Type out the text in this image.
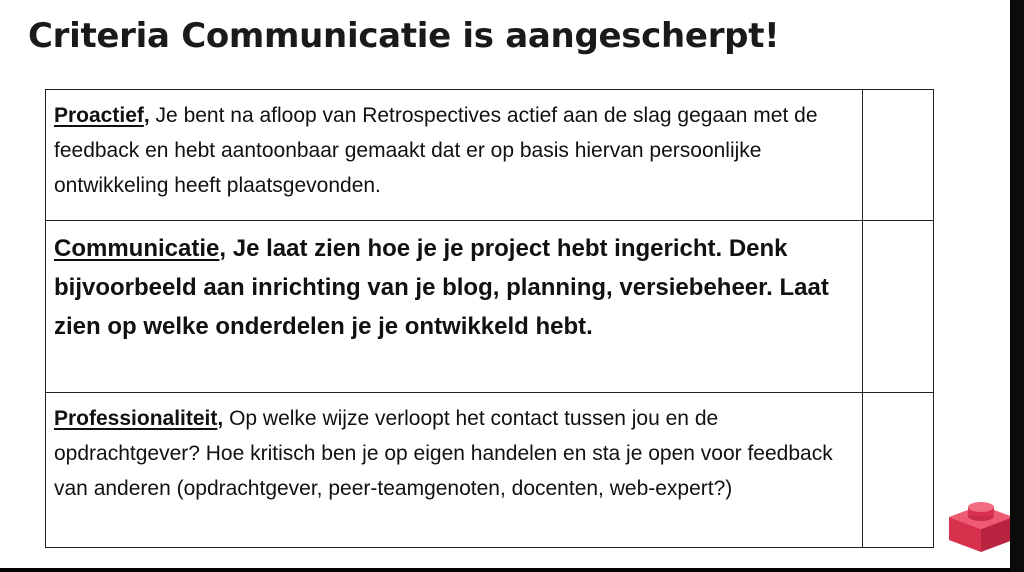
Criteria Communicatie is aangescherpt!
Proactief, Je bent na afloop van Retrospectives actief aan de slag gegaan met de feedback en hebt aantoonbaar gemaakt dat er op basis hiervan persoonlijke ontwikkeling heeft plaatsgevonden.	

Communicatie, Je laat zien hoe je je project hebt ingericht. Denk bijvoorbeeld aan inrichting van je blog, planning, versiebeheer. Laat zien op welke onderdelen je je ontwikkeld hebt.	

Professionaliteit, Op welke wijze verloopt het contact tussen jou en de opdrachtgever? Hoe kritisch ben je op eigen handelen en sta je open voor feedback van anderen (opdrachtgever, peer-teamgenoten, docenten, web-expert?)	
